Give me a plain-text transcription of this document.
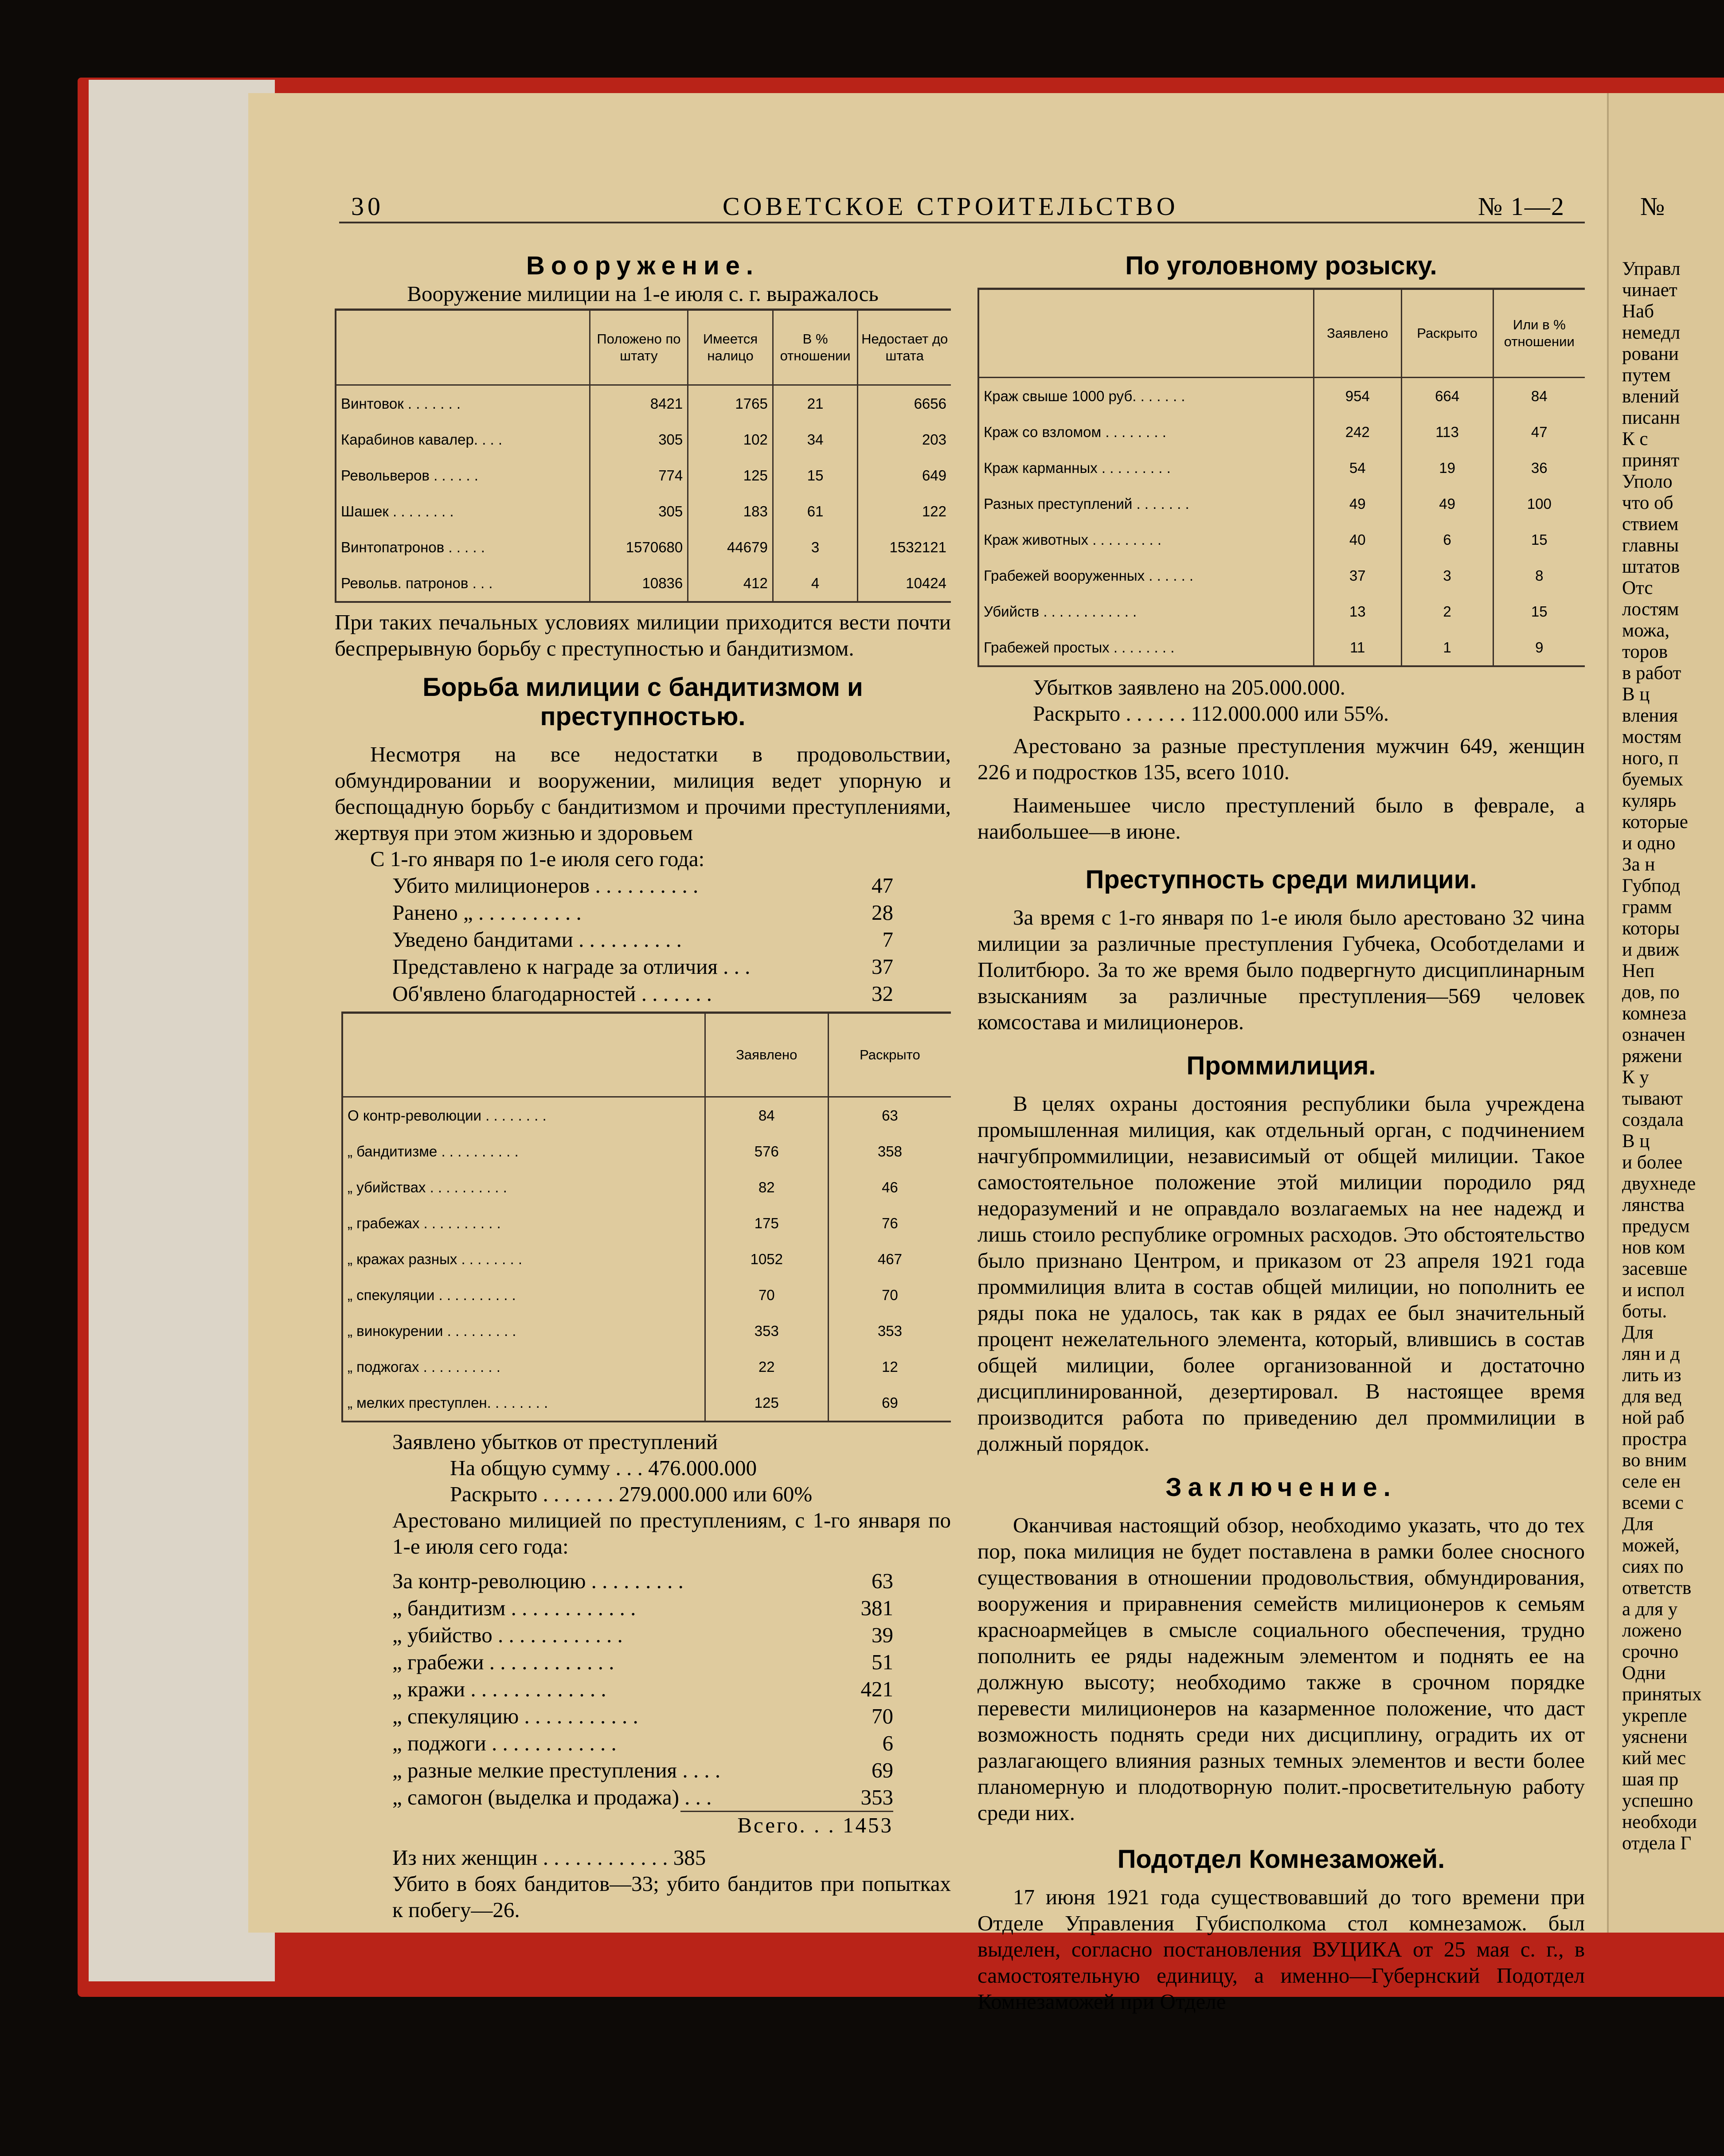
Управл
чинает
Наб
немедл
ровани
путем
влений
писанн
К с
принят
Уполо
что об
ствием
главны
штатов
Отс
лостям
можа,
торов
в работ
В ц
вления
мостям
ного, п
буемых
кулярь
которые
и одно
За н
Губпод
грамм
которы
и движ
Неп
дов, по
комнеза
означен
ряжени
К у
тывают
создала
В ц
и более
двухнеде
лянства
предусм
нов ком
засевше
и испол
боты.
Для
лян и д
лить из
для вед
ной раб
простра
во вним
селе ен
всеми с
Для
можей,
сиях по
ответств
а для у
ложено
срочно
Одни
принятых
укрепле
уяснени
кий мес
шая пр
успешно
необходи
отдела Г
30	СОВЕТСКОЕ СТРОИТЕЛЬСТВО	№ 1—2
Вооружение.

Вооружение милиции на 1-е июля с. г. выражалось

	Положено по штату	Имеется налицо	В % отношении	Недостает до штата
Винтовок . . . . . . .	8421	1765	21	6656
Карабинов кавалер. . . .	305	102	34	203
Револьверов . . . . . .	774	125	15	649
Шашек . . . . . . . .	305	183	61	122
Винтопатронов . . . . .	1570680	44679	3	1532121
Револьв. патронов . . .	10836	412	4	10424

При таких печальных условиях милиции приходится вести почти беспрерывную борьбу с преступностью и бандитизмом.

Борьба милиции с бандитизмом и преступностью.

Несмотря на все недостатки в продовольствии, обмундировании и вооружении, милиция ведет упорную и беспощадную борьбу с бандитизмом и прочими преступлениями, жертвуя при этом жизнью и здоровьем

С 1-го января по 1-е июля сего года:

Убито милиционеров . . . . . . . . . .	47
Ранено „ . . . . . . . . . .	28
Уведено бандитами . . . . . . . . . .	7
Представлено к награде за отличия . . .	37
Об'явлено благодарностей . . . . . . .	32
	Заявлено	Раскрыто
О контр-революции . . . . . . . .	84	63
„ бандитизме . . . . . . . . . .	576	358
„ убийствах . . . . . . . . . .	82	46
„ грабежах . . . . . . . . . .	175	76
„ кражах разных . . . . . . . .	1052	467
„ спекуляции . . . . . . . . . .	70	70
„ винокурении . . . . . . . . .	353	353
„ поджогах . . . . . . . . . .	22	12
„ мелких преступлен. . . . . . . .	125	69

Заявлено убытков от преступлений

На общую сумму . . . 476.000.000

Раскрыто . . . . . . . 279.000.000 или 60%

Арестовано милицией по преступлениям, с 1-го января по 1-е июля сего года:

За контр-революцию . . . . . . . . .	63
„ бандитизм . . . . . . . . . . . .	381
„ убийство . . . . . . . . . . . .	39
„ грабежи . . . . . . . . . . . .	51
„ кражи . . . . . . . . . . . . .	421
„ спекуляцию . . . . . . . . . . .	70
„ поджоги . . . . . . . . . . . .	6
„ разные мелкие преступления . . . .	69
„ самогон (выделка и продажа) . . .	353
Всего. . . 1453

Из них женщин . . . . . . . . . . . . 385

Убито в боях бандитов—33; убито бандитов при попытках к побегу—26.

По уголовному розыску.
	Заявлено	Раскрыто	Или в % отношении
Краж свыше 1000 руб. . . . . . .	954	664	84
Краж со взломом . . . . . . . .	242	113	47
Краж карманных . . . . . . . . .	54	19	36
Разных преступлений . . . . . . .	49	49	100
Краж животных . . . . . . . . .	40	6	15
Грабежей вооруженных . . . . . .	37	3	8
Убийств . . . . . . . . . . . .	13	2	15
Грабежей простых . . . . . . . .	11	1	9

Убытков заявлено на 205.000.000.

Раскрыто . . . . . . 112.000.000 или 55%.

Арестовано за разные преступления мужчин 649, женщин 226 и подростков 135, всего 1010.

Наименьшее число преступлений было в феврале, а наибольшее—в июне.

Преступность среди милиции.

За время с 1-го января по 1-е июля было арестовано 32 чина милиции за различные преступления Губчека, Особотделами и Политбюро. За то же время было подвергнуто дисциплинарным взысканиям за различные преступления—569 человек комсостава и милиционеров.

Проммилиция.

В целях охраны достояния республики была учреждена промышленная милиция, как отдельный орган, с подчинением начгубпроммилиции, независимый от общей милиции. Такое самостоятельное положение этой милиции породило ряд недоразумений и не оправдало возлагаемых на нее надежд и лишь стоило республике огромных расходов. Это обстоятельство было признано Центром, и приказом от 23 апреля 1921 года проммилиция влита в состав общей милиции, но пополнить ее ряды пока не удалось, так как в рядах ее был значительный процент нежелательного элемента, который, влившись в состав общей милиции, более организованной и достаточно дисциплинированной, дезертировал. В настоящее время производится работа по приведению дел проммилиции в должный порядок.

Заключение.

Оканчивая настоящий обзор, необходимо указать, что до тех пор, пока милиция не будет поставлена в рамки более сносного существования в отношении продовольствия, обмундирования, вооружения и приравнения семейств милиционеров к семьям красноармейцев в смысле социального обеспечения, трудно пополнить ее ряды надежным элементом и поднять ее на должную высоту; необходимо также в срочном порядке перевести милиционеров на казарменное положение, что даст возможность поднять среди них дисциплину, оградить их от разлагающего влияния разных темных элементов и вести более планомерную и плодотворную полит.-просветительную работу среди них.

Подотдел Комнезаможей.

17 июня 1921 года существовавший до того времени при Отделе Управления Губисполкома стол комнезамож. был выделен, согласно постановления ВУЦИКА от 25 мая с. г., в самостоятельную единицу, а именно—Губернский Подотдел Комнезаможей при Отделе

№
